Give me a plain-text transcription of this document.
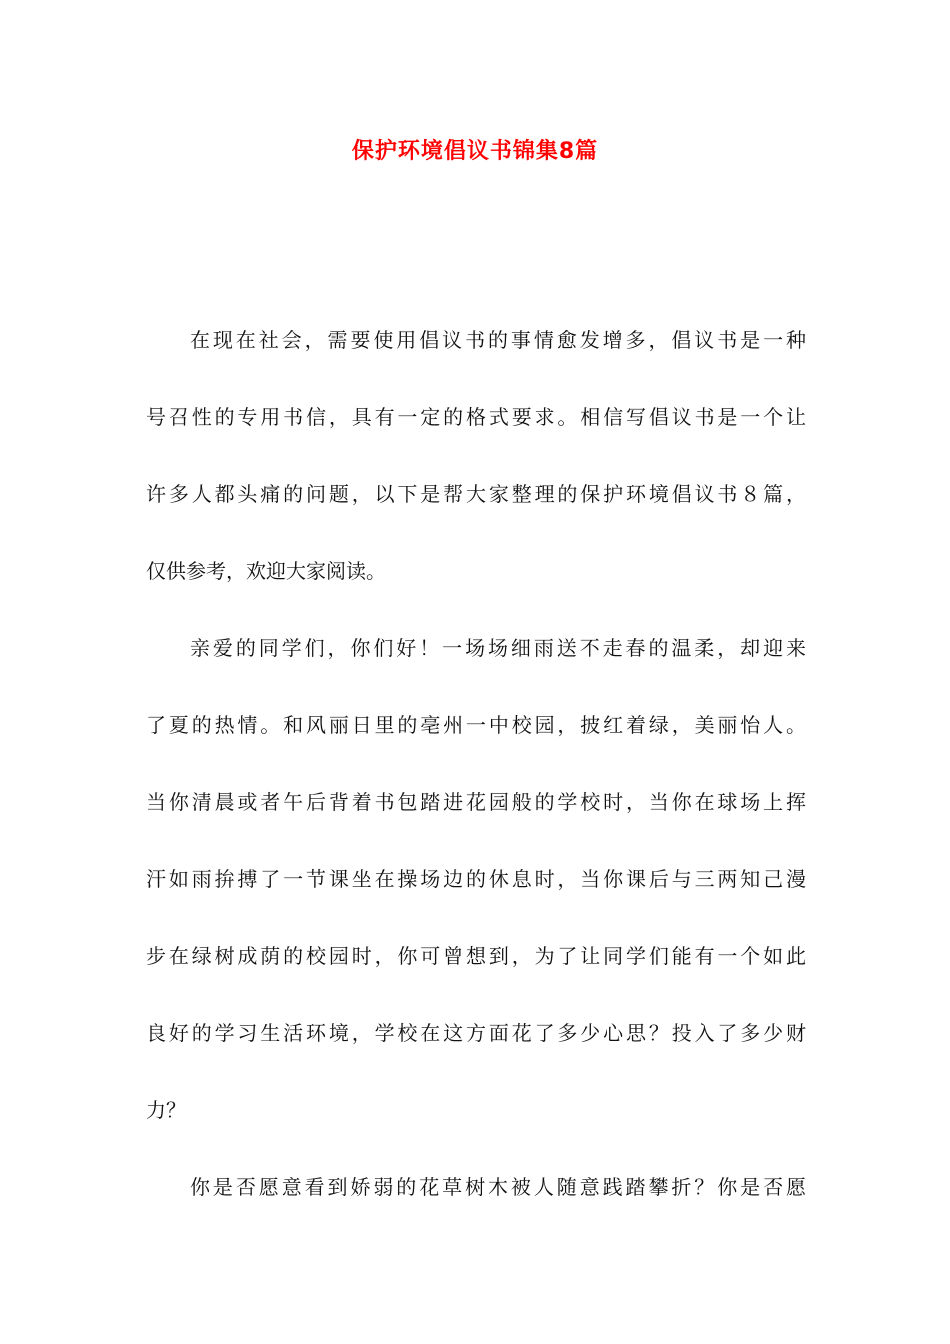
保护环境倡议书锦集8篇
在现在社会，需要使用倡议书的事情愈发增多，倡议书是一种
号召性的专用书信，具有一定的格式要求。相信写倡议书是一个让
许多人都头痛的问题，以下是帮大家整理的保护环境倡议书８篇，
仅供参考，欢迎大家阅读。
亲爱的同学们，你们好！一场场细雨送不走春的温柔，却迎来
了夏的热情。和风丽日里的亳州一中校园，披红着绿，美丽怡人。
当你清晨或者午后背着书包踏进花园般的学校时，当你在球场上挥
汗如雨拚搏了一节课坐在操场边的休息时，当你课后与三两知己漫
步在绿树成荫的校园时，你可曾想到，为了让同学们能有一个如此
良好的学习生活环境，学校在这方面花了多少心思？投入了多少财
力？
你是否愿意看到娇弱的花草树木被人随意践踏攀折？你是否愿
